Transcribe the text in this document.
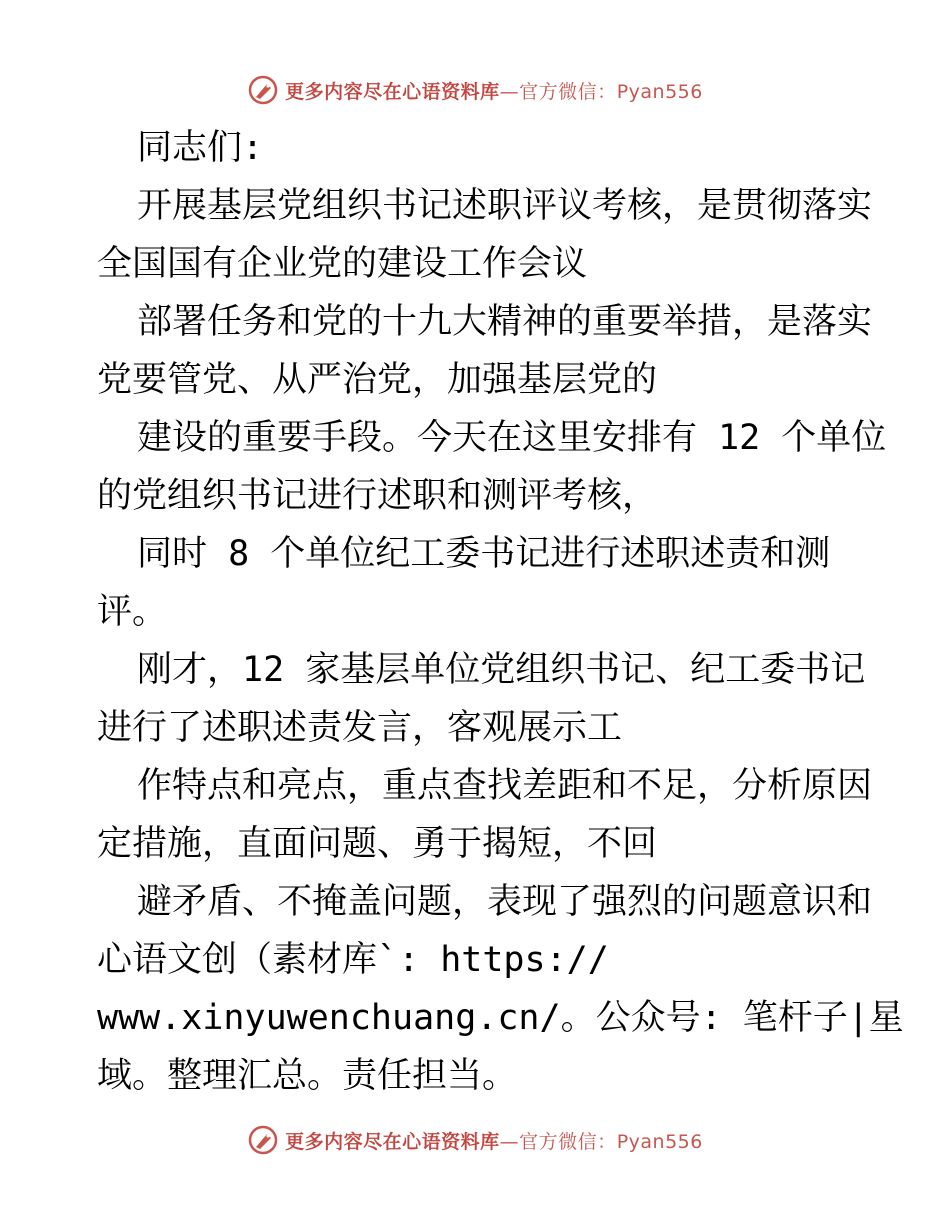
更多内容尽在心语资料库—官方微信：Pyan556
同志们:
开展基层党组织书记述职评议考核，是贯彻落实
全国国有企业党的建设工作会议
部署任务和党的十九大精神的重要举措，是落实
党要管党、从严治党，加强基层党的
建设的重要手段。今天在这里安排有 12 个单位
的党组织书记进行述职和测评考核，
同时 8 个单位纪工委书记进行述职述责和测
评。
刚才，12 家基层单位党组织书记、纪工委书记
进行了述职述责发言，客观展示工
作特点和亮点，重点查找差距和不足，分析原因
定措施，直面问题、勇于揭短，不回
避矛盾、不掩盖问题，表现了强烈的问题意识和
心语文创（素材库`: https://
www.xinyuwenchuang.cn/。公众号: 笔杆子|星
域。整理汇总。责任担当。
更多内容尽在心语资料库—官方微信：Pyan556
